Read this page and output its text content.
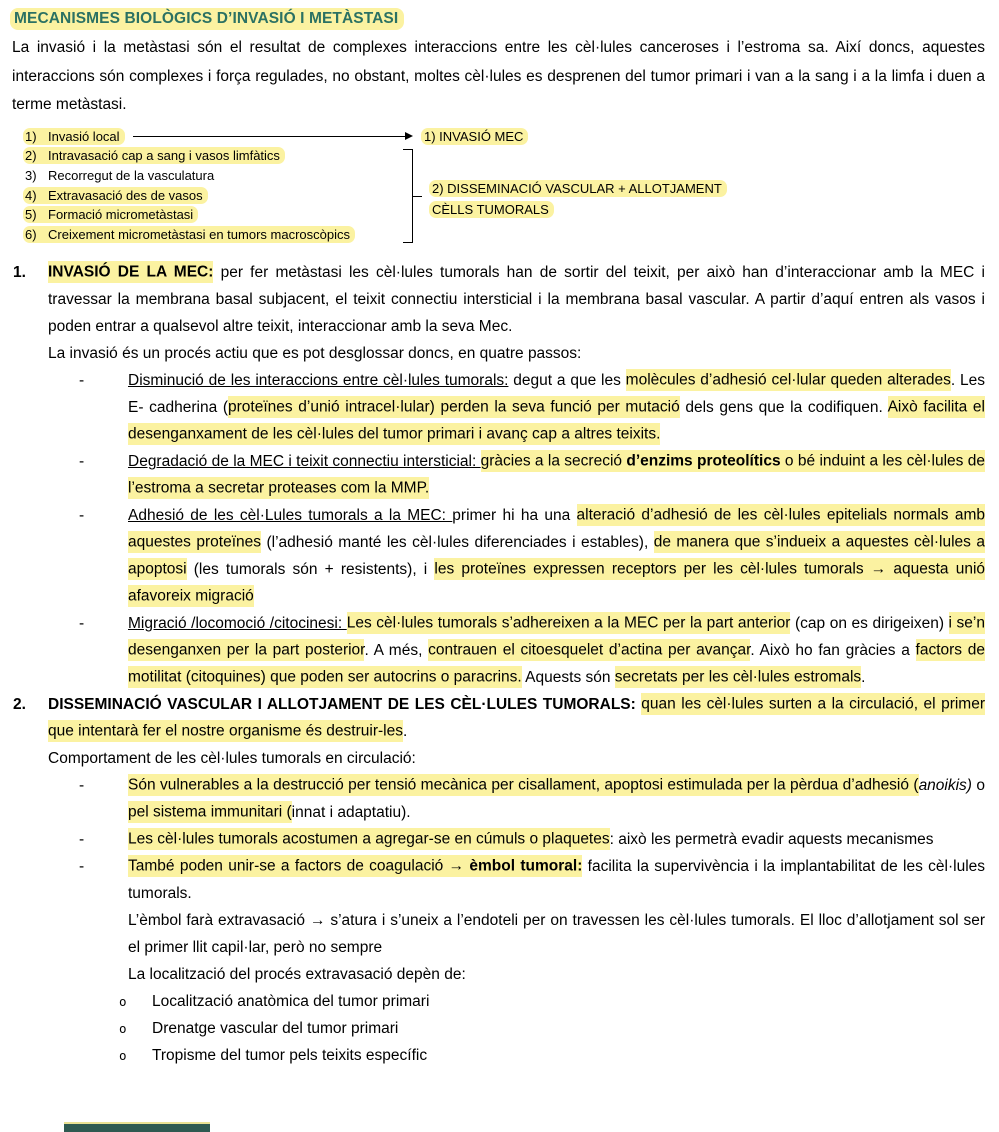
MECANISMES BIOLÒGICS D’INVASIÓ I METÀSTASI
La invasió i la metàstasi són el resultat de complexes interaccions entre les cèl·lules canceroses i l’estroma sa. Així doncs, aquestes interaccions són complexes i força regulades, no obstant, moltes cèl·lules es desprenen del tumor primari i van a la sang i a la limfa i duen a terme metàstasi.
1) Invasió local
2) Intravasació cap a sang i vasos limfàtics
3) Recorregut de la vasculatura
4) Extravasació des de vasos
5) Formació micrometàstasi
6) Creixement micrometàstasi en tumors macroscòpics
1) INVASIÓ MEC
2) DISSEMINACIÓ VASCULAR + ALLOTJAMENT
CÈLLS TUMORALS
1. INVASIÓ DE LA MEC: per fer metàstasi les cèl·lules tumorals han de sortir del teixit, per això han d’interaccionar amb la MEC i travessar la membrana basal subjacent, el teixit connectiu intersticial i la membrana basal vascular. A partir d’aquí entren als vasos i poden entrar a qualsevol altre teixit, interaccionar amb la seva Mec.
La invasió és un procés actiu que es pot desglossar doncs, en quatre passos:
-	Disminució de les interaccions entre cèl·lules tumorals: degut a que les molècules d’adhesió cel·lular queden alterades. Les E- cadherina (proteïnes d’unió intracel·lular) perden la seva funció per mutació dels gens que la codifiquen. Això facilita el desenganxament de les cèl·lules del tumor primari i avanç cap a altres teixits.
-	Degradació de la MEC i teixit connectiu intersticial: gràcies a la secreció d’enzims proteolítics o bé induint a les cèl·lules de l’estroma a secretar proteases com la MMP.
-	Adhesió de les cèl·Lules tumorals a la MEC: primer hi ha una alteració d’adhesió de les cèl·lules epitelials normals amb aquestes proteïnes (l’adhesió manté les cèl·lules diferenciades i estables), de manera que s’indueix a aquestes cèl·lules a apoptosi (les tumorals són + resistents), i les proteïnes expressen receptors per les cèl·lules tumorals → aquesta unió afavoreix migració
-	Migració /locomoció /citocinesi: Les cèl·lules tumorals s’adhereixen a la MEC per la part anterior (cap on es dirigeixen) i se’n desenganxen per la part posterior. A més, contrauen el citoesquelet d’actina per avançar. Això ho fan gràcies a factors de motilitat (citoquines) que poden ser autocrins o paracrins. Aquests són secretats per les cèl·lules estromals.
2. DISSEMINACIÓ VASCULAR I ALLOTJAMENT DE LES CÈL·LULES TUMORALS: quan les cèl·lules surten a la circulació, el primer que intentarà fer el nostre organisme és destruir-les.
Comportament de les cèl·lules tumorals en circulació:
-	Són vulnerables a la destrucció per tensió mecànica per cisallament, apoptosi estimulada per la pèrdua d’adhesió (anoikis) o pel sistema immunitari (innat i adaptatiu).
-	Les cèl·lules tumorals acostumen a agregar-se en cúmuls o plaquetes: això les permetrà evadir aquests mecanismes
-	També poden unir-se a factors de coagulació → èmbol tumoral: facilita la supervivència i la implantabilitat de les cèl·lules tumorals.
L’èmbol farà extravasació → s’atura i s’uneix a l’endoteli per on travessen les cèl·lules tumorals. El lloc d’allotjament sol ser el primer llit capil·lar, però no sempre
La localització del procés extravasació depèn de:
o Localització anatòmica del tumor primari
o Drenatge vascular del tumor primari
o Tropisme del tumor pels teixits específic
